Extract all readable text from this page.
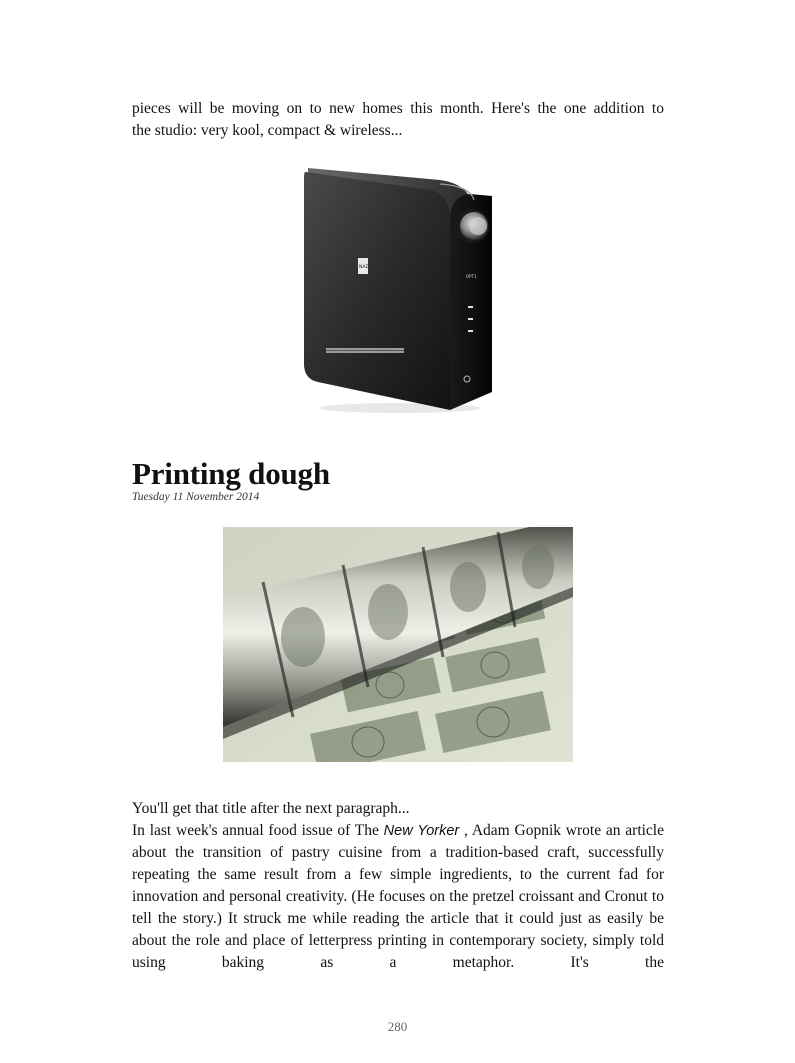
pieces will be moving on to new homes this month. Here's the one addition to
the studio: very kool, compact & wireless...

NAD
OPT1
Printing dough
Tuesday 11 November 2014

You'll get that title after the next paragraph...

In last week's annual food issue of The New Yorker , Adam Gopnik wrote an article about the transition of pastry cuisine from a tradition-based craft, successfully repeating the same result from a few simple ingredients, to the current fad for innovation and personal creativity. (He focuses on the pretzel croissant and Cronut to tell the story.) It struck me while reading the article that it could just as easily be about the role and place of letterpress printing in contemporary society, simply told using baking as a metaphor. It's the

280
